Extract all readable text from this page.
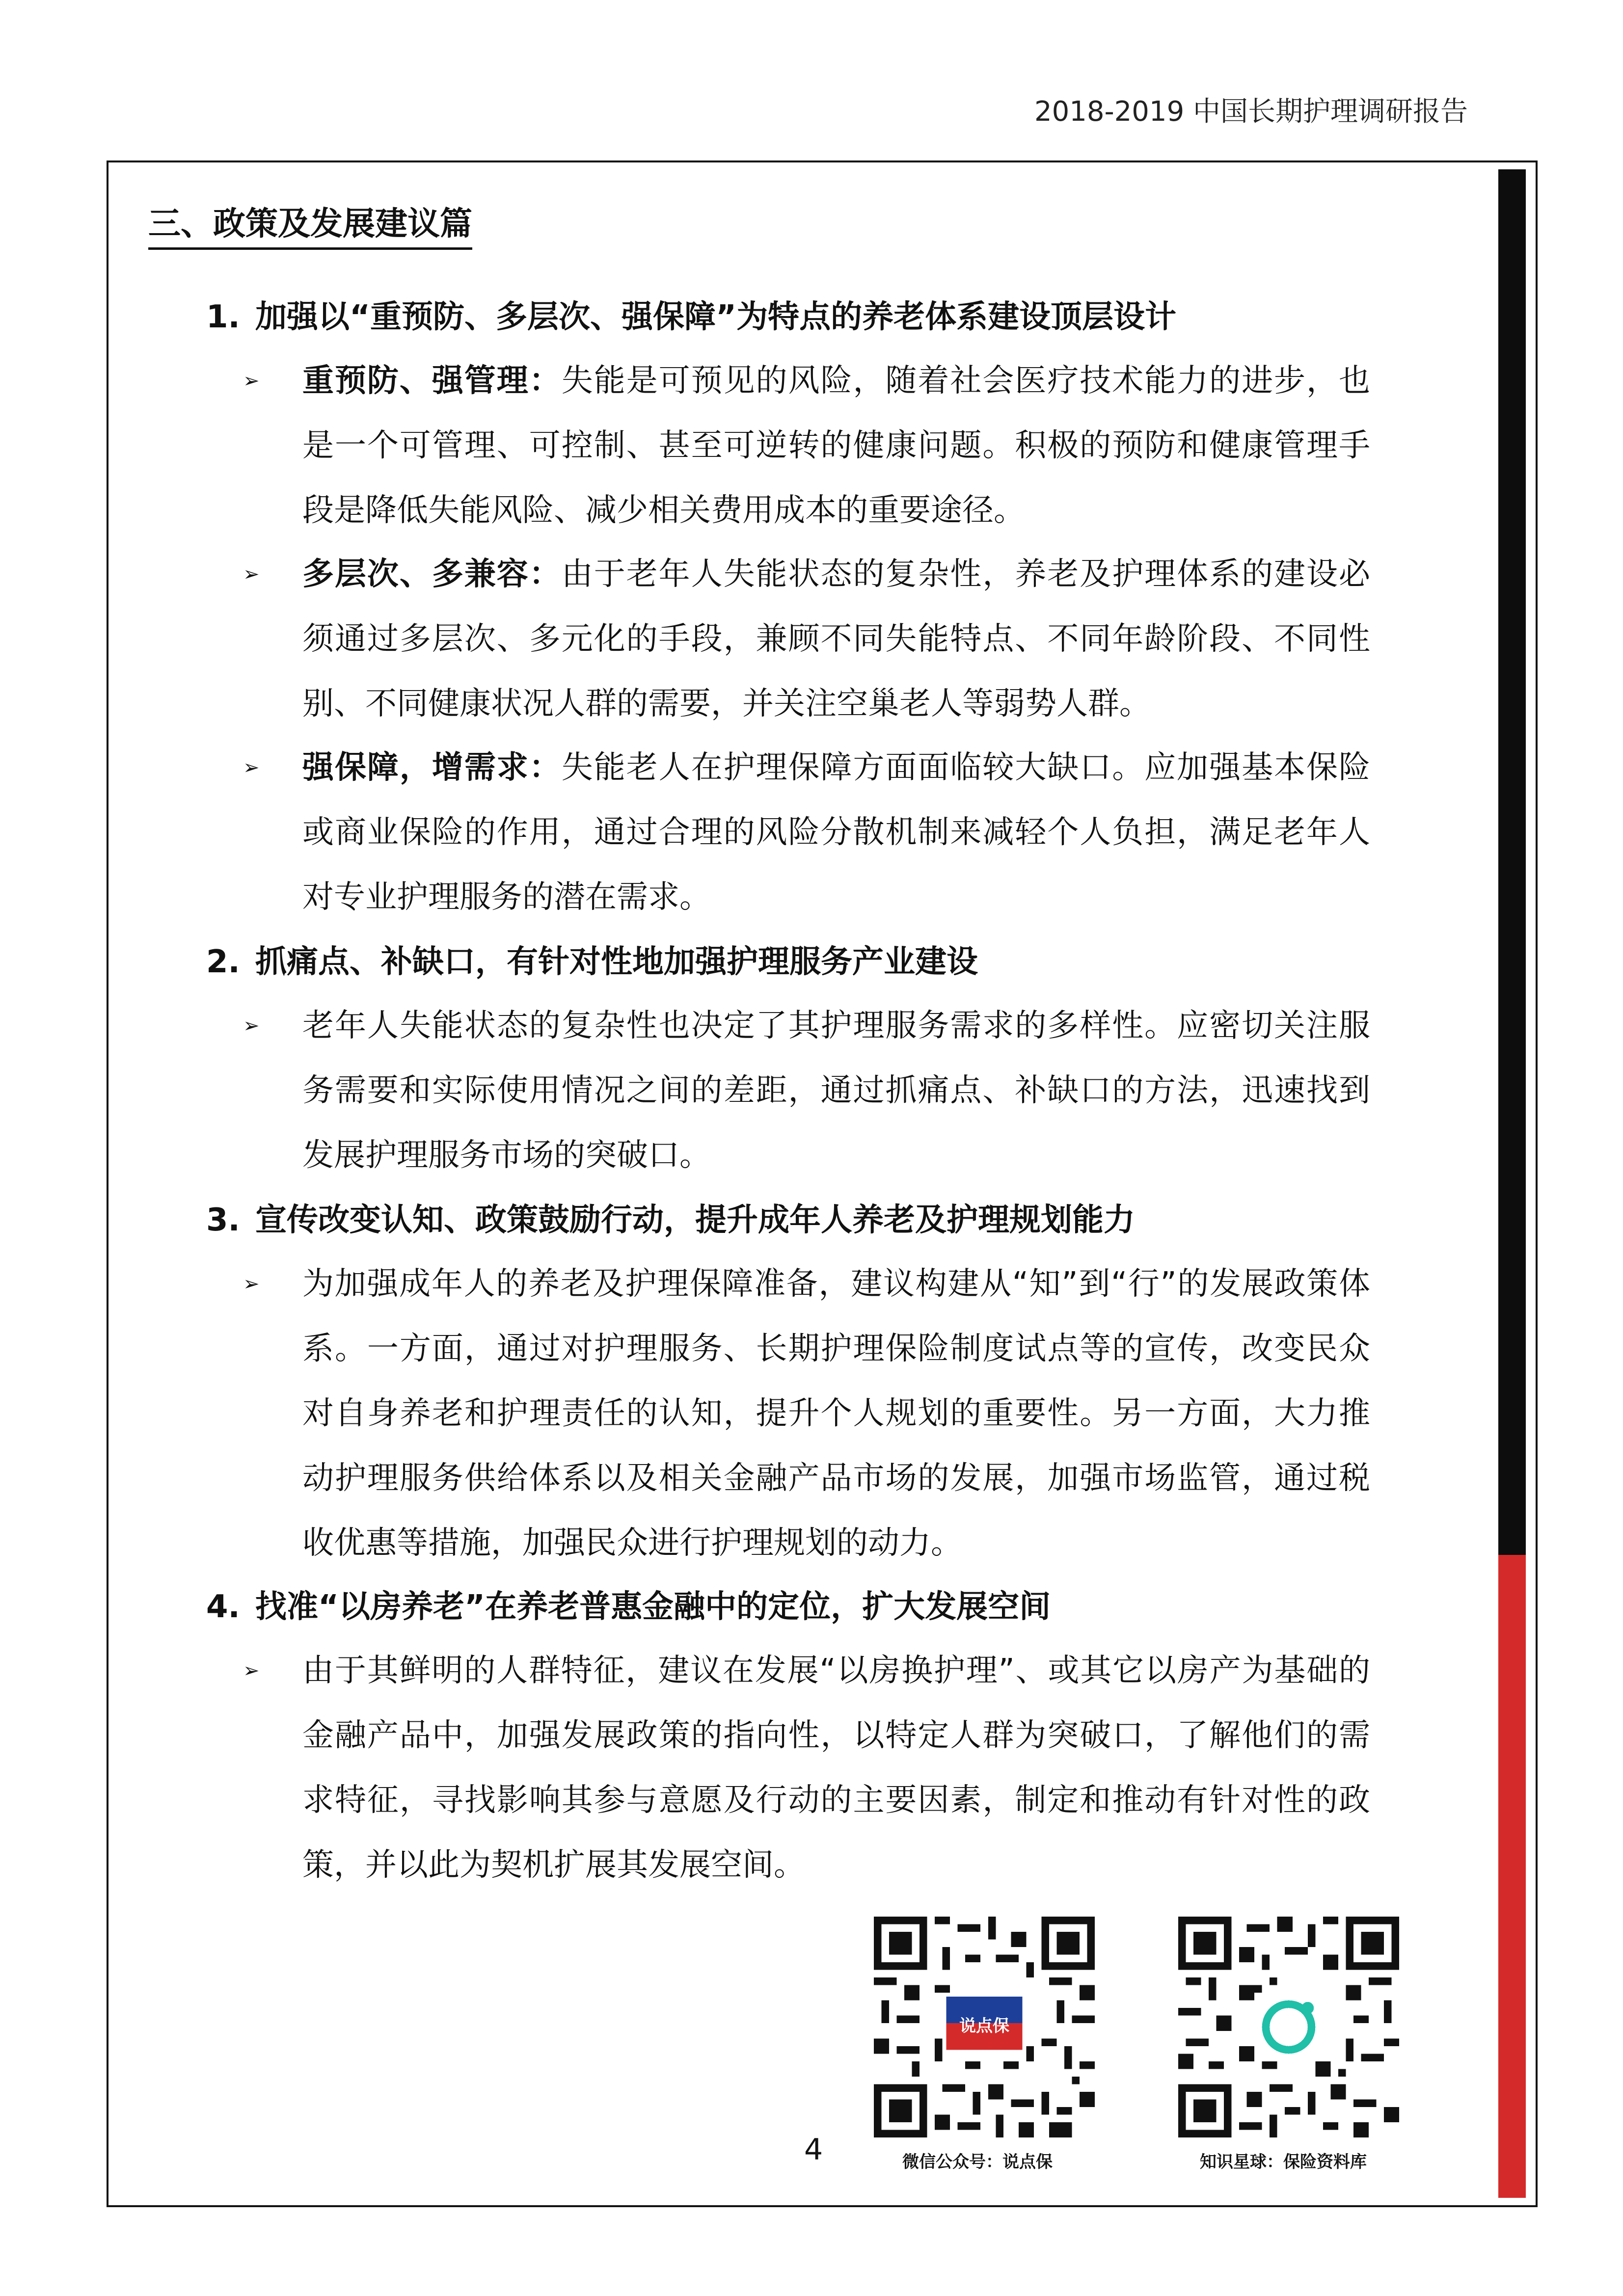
2018-2019 中国长期护理调研报告
三、政策及发展建议篇
1. 加强以“重预防、多层次、强保障”为特点的养老体系建设顶层设计
➢ 重预防、强管理：失能是可预见的风险，随着社会医疗技术能力的进步，也是一个可管理、可控制、甚至可逆转的健康问题。积极的预防和健康管理手段是降低失能风险、减少相关费用成本的重要途径。
➢ 多层次、多兼容：由于老年人失能状态的复杂性，养老及护理体系的建设必须通过多层次、多元化的手段，兼顾不同失能特点、不同年龄阶段、不同性别、不同健康状况人群的需要，并关注空巢老人等弱势人群。
➢ 强保障，增需求：失能老人在护理保障方面面临较大缺口。应加强基本保险或商业保险的作用，通过合理的风险分散机制来减轻个人负担，满足老年人对专业护理服务的潜在需求。
2. 抓痛点、补缺口，有针对性地加强护理服务产业建设
➢ 老年人失能状态的复杂性也决定了其护理服务需求的多样性。应密切关注服务需要和实际使用情况之间的差距，通过抓痛点、补缺口的方法，迅速找到发展护理服务市场的突破口。
3. 宣传改变认知、政策鼓励行动，提升成年人养老及护理规划能力
➢ 为加强成年人的养老及护理保障准备，建议构建从“知”到“行”的发展政策体系。一方面，通过对护理服务、长期护理保险制度试点等的宣传，改变民众对自身养老和护理责任的认知，提升个人规划的重要性。另一方面，大力推动护理服务供给体系以及相关金融产品市场的发展，加强市场监管，通过税收优惠等措施，加强民众进行护理规划的动力。
4. 找准“以房养老”在养老普惠金融中的定位，扩大发展空间
➢ 由于其鲜明的人群特征，建议在发展“以房换护理”、或其它以房产为基础的金融产品中，加强发展政策的指向性，以特定人群为突破口，了解他们的需求特征，寻找影响其参与意愿及行动的主要因素，制定和推动有针对性的政策，并以此为契机扩展其发展空间。
4
说点保
微信公众号：说点保	知识星球：保险资料库
